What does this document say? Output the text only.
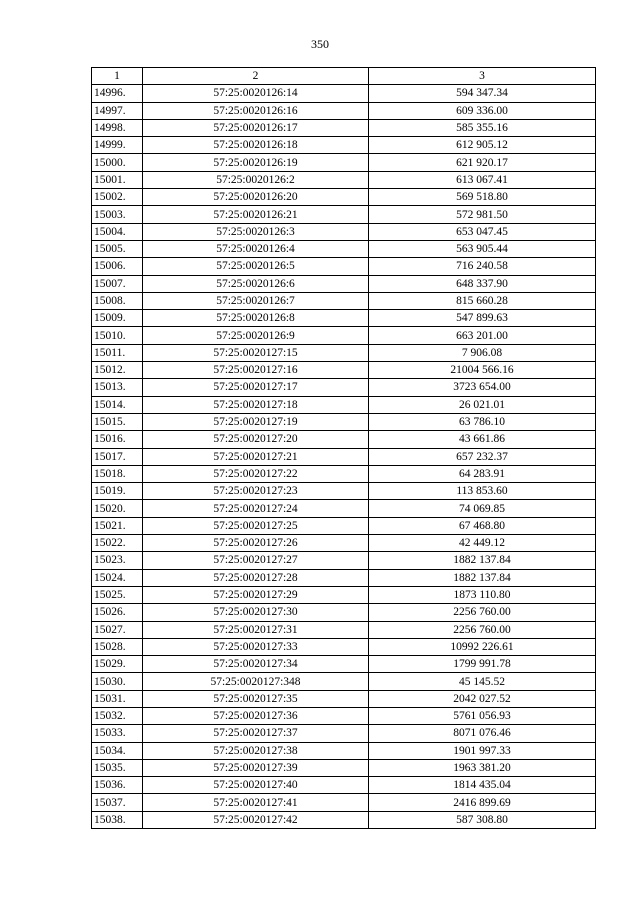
350
1	2	3
14996.	57:25:0020126:14	594 347.34
14997.	57:25:0020126:16	609 336.00
14998.	57:25:0020126:17	585 355.16
14999.	57:25:0020126:18	612 905.12
15000.	57:25:0020126:19	621 920.17
15001.	57:25:0020126:2	613 067.41
15002.	57:25:0020126:20	569 518.80
15003.	57:25:0020126:21	572 981.50
15004.	57:25:0020126:3	653 047.45
15005.	57:25:0020126:4	563 905.44
15006.	57:25:0020126:5	716 240.58
15007.	57:25:0020126:6	648 337.90
15008.	57:25:0020126:7	815 660.28
15009.	57:25:0020126:8	547 899.63
15010.	57:25:0020126:9	663 201.00
15011.	57:25:0020127:15	7 906.08
15012.	57:25:0020127:16	21004 566.16
15013.	57:25:0020127:17	3723 654.00
15014.	57:25:0020127:18	26 021.01
15015.	57:25:0020127:19	63 786.10
15016.	57:25:0020127:20	43 661.86
15017.	57:25:0020127:21	657 232.37
15018.	57:25:0020127:22	64 283.91
15019.	57:25:0020127:23	113 853.60
15020.	57:25:0020127:24	74 069.85
15021.	57:25:0020127:25	67 468.80
15022.	57:25:0020127:26	42 449.12
15023.	57:25:0020127:27	1882 137.84
15024.	57:25:0020127:28	1882 137.84
15025.	57:25:0020127:29	1873 110.80
15026.	57:25:0020127:30	2256 760.00
15027.	57:25:0020127:31	2256 760.00
15028.	57:25:0020127:33	10992 226.61
15029.	57:25:0020127:34	1799 991.78
15030.	57:25:0020127:348	45 145.52
15031.	57:25:0020127:35	2042 027.52
15032.	57:25:0020127:36	5761 056.93
15033.	57:25:0020127:37	8071 076.46
15034.	57:25:0020127:38	1901 997.33
15035.	57:25:0020127:39	1963 381.20
15036.	57:25:0020127:40	1814 435.04
15037.	57:25:0020127:41	2416 899.69
15038.	57:25:0020127:42	587 308.80
